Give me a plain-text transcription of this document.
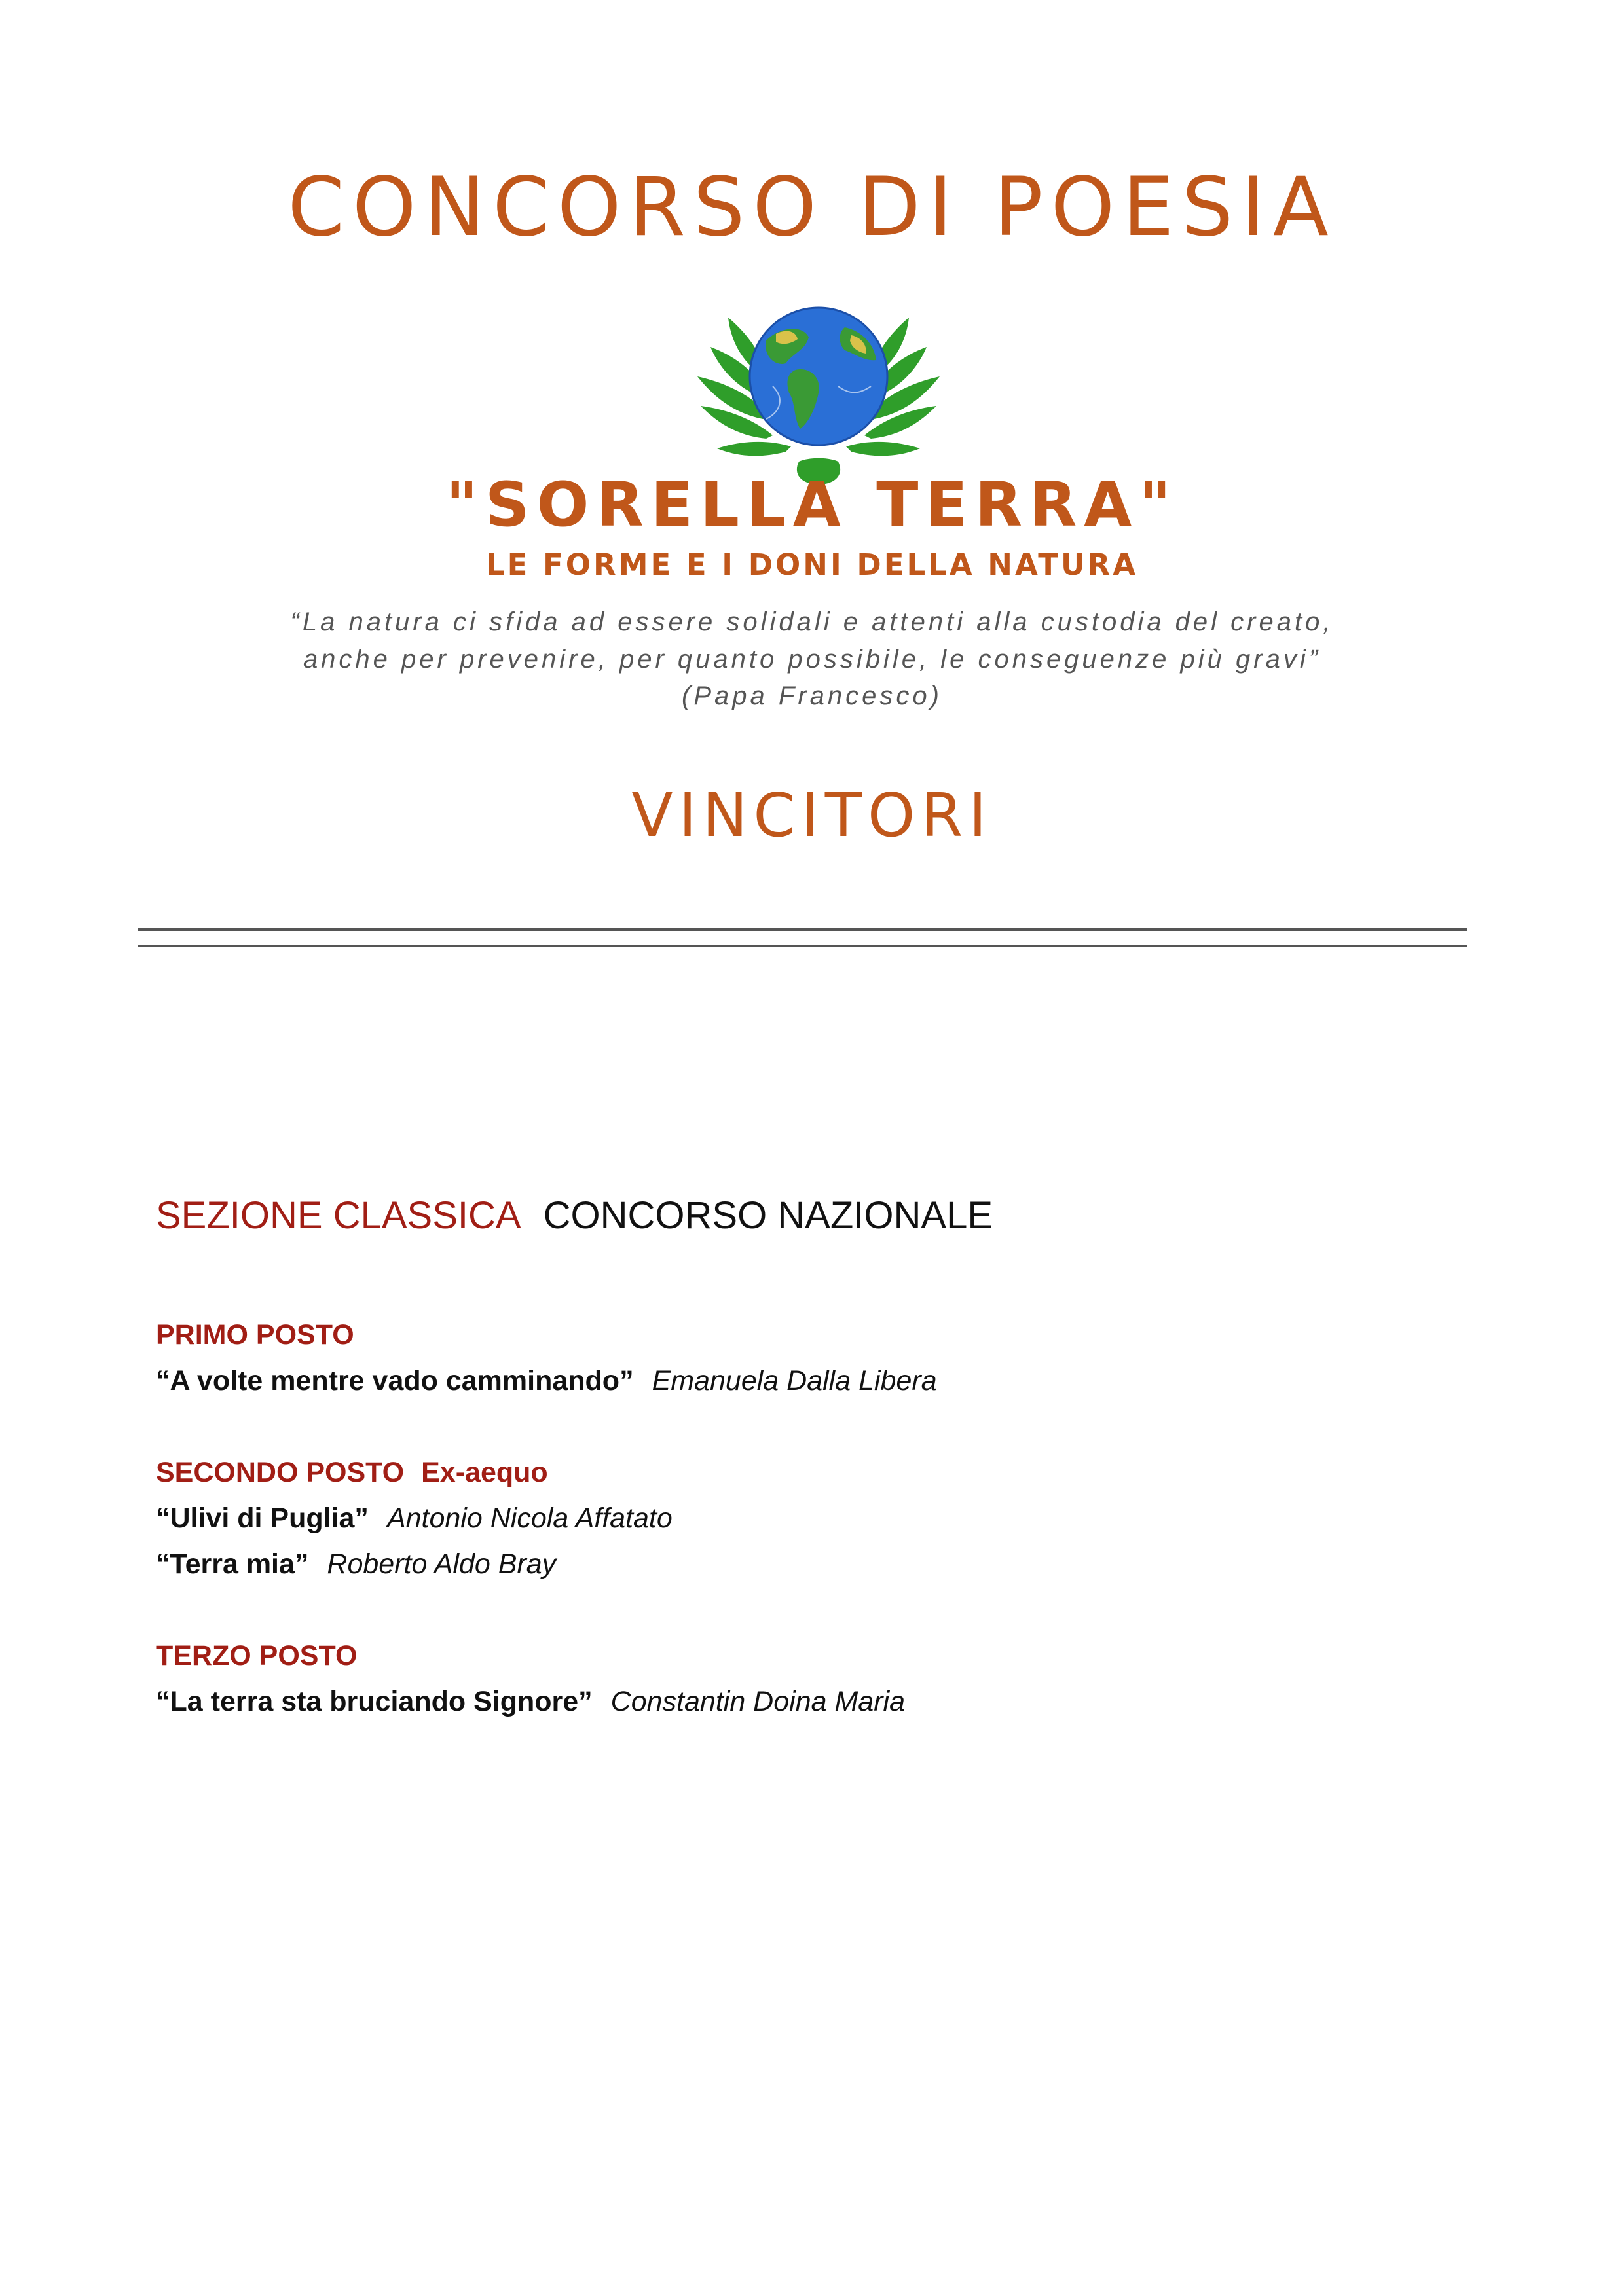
CONCORSO DI POESIA
"SORELLA TERRA"
LE FORME E I DONI DELLA NATURA
“La natura ci sfida ad essere solidali e attenti alla custodia del creato,
anche per prevenire, per quanto possibile, le conseguenze più gravi”
(Papa Francesco)
VINCITORI
SEZIONE CLASSICA CONCORSO NAZIONALE
PRIMO POSTO
“A volte mentre vado camminando” Emanuela Dalla Libera
SECONDO POSTO Ex-aequo
“Ulivi di Puglia” Antonio Nicola Affatato
“Terra mia” Roberto Aldo Bray
TERZO POSTO
“La terra sta bruciando Signore” Constantin Doina Maria
